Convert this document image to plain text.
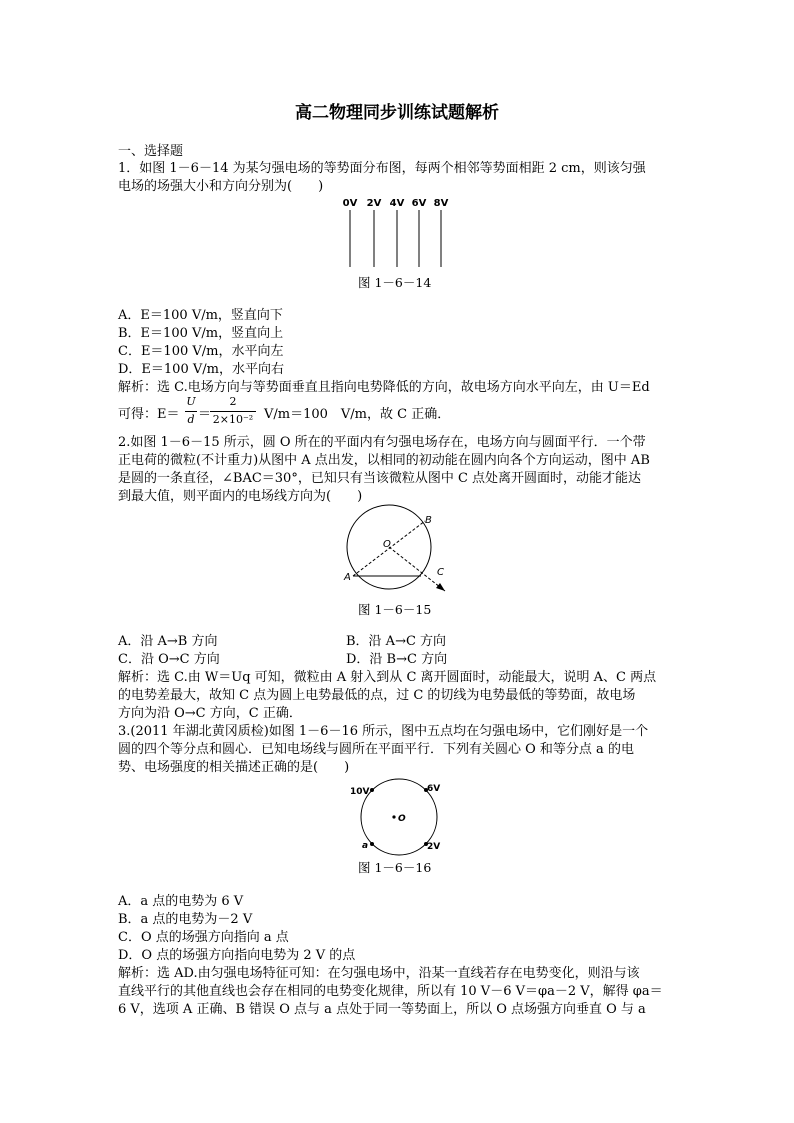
高二物理同步训练试题解析
一、选择题
1．如图 1－6－14 为某匀强电场的等势面分布图，每两个相邻等势面相距 2 cm，则该匀强
电场的场强大小和方向分别为(　　)
0V 2V 4V 6V 8V
图 1－6－14
A．E＝100 V/m，竖直向下
B．E＝100 V/m，竖直向上
C．E＝100 V/m，水平向左
D．E＝100 V/m，水平向右
解析：选 C.电场方向与等势面垂直且指向电势降低的方向，故电场方向水平向左，由 U＝Ed
可得：E＝
U
d ＝
2
2×10⁻² V/m＝100　V/m，故 C 正确．
2.如图 1－6－15 所示，圆 O 所在的平面内有匀强电场存在，电场方向与圆面平行．一个带
正电荷的微粒(不计重力)从图中 A 点出发，以相同的初动能在圆内向各个方向运动，图中 AB
是圆的一条直径，∠BAC＝30°，已知只有当该微粒从图中 C 点处离开圆面时，动能才能达
到最大值，则平面内的电场线方向为(　　)
B
O
A	C
图 1－6－15
A．沿 A→B 方向	B．沿 A→C 方向
C．沿 O→C 方向	D．沿 B→C 方向
解析：选 C.由 W＝Uq 可知，微粒由 A 射入到从 C 离开圆面时，动能最大，说明 A、C 两点
的电势差最大，故知 C 点为圆上电势最低的点，过 C 的切线为电势最低的等势面，故电场
方向为沿 O→C 方向，C 正确．
3.(2011 年湖北黄冈质检)如图 1－6－16 所示，图中五点均在匀强电场中，它们刚好是一个
圆的四个等分点和圆心．已知电场线与圆所在平面平行．下列有关圆心 O 和等分点 a 的电
势、电场强度的相关描述正确的是(　　)
10V	6V
O
a	2V
图 1－6－16
A．a 点的电势为 6 V
B．a 点的电势为－2 V
C．O 点的场强方向指向 a 点
D．O 点的场强方向指向电势为 2 V 的点
解析：选 AD.由匀强电场特征可知：在匀强电场中，沿某一直线若存在电势变化，则沿与该
直线平行的其他直线也会存在相同的电势变化规律，所以有 10 V－6 V＝φa－2 V，解得 φa＝
6 V，选项 A 正确、B 错误 O 点与 a 点处于同一等势面上，所以 O 点场强方向垂直 O 与 a
